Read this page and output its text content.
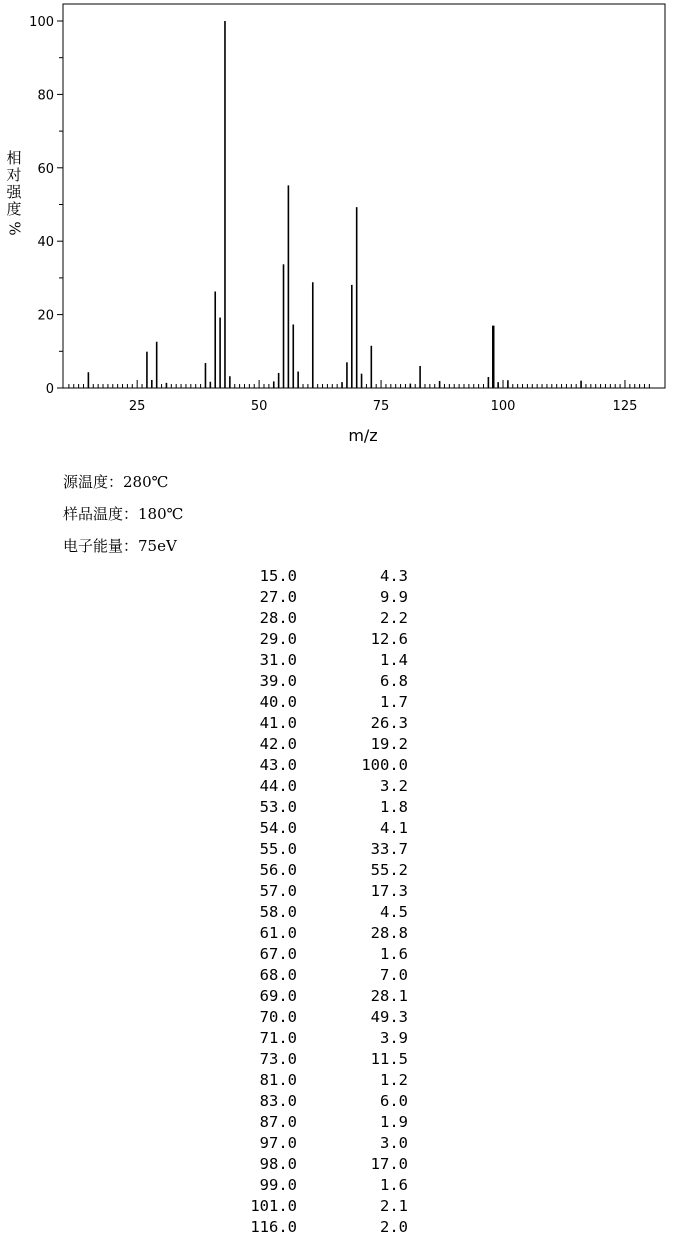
0
20
40
60
80
100
25	50	75	100	125
m/z
相
对
强
度
%
源温度：280℃
样品温度：180℃
电子能量：75eV
15.0	4.3
27.0	9.9
28.0	2.2
29.0	12.6
31.0	1.4
39.0	6.8
40.0	1.7
41.0	26.3
42.0	19.2
43.0	100.0
44.0	3.2
53.0	1.8
54.0	4.1
55.0	33.7
56.0	55.2
57.0	17.3
58.0	4.5
61.0	28.8
67.0	1.6
68.0	7.0
69.0	28.1
70.0	49.3
71.0	3.9
73.0	11.5
81.0	1.2
83.0	6.0
87.0	1.9
97.0	3.0
98.0	17.0
99.0	1.6
101.0	2.1
116.0	2.0
